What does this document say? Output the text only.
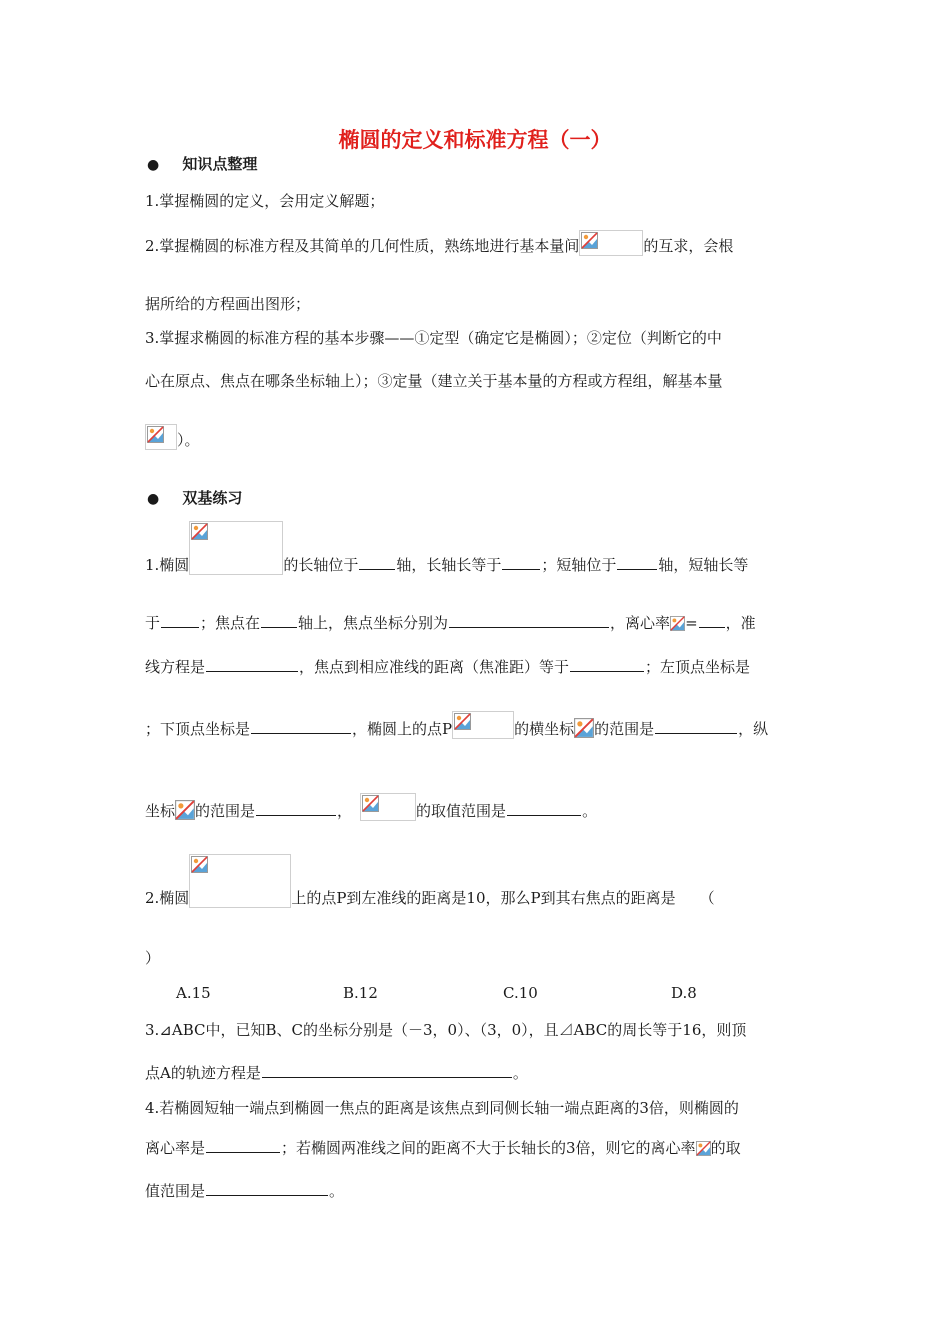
椭圆的定义和标准方程（一）
● 知识点整理
1.掌握椭圆的定义，会用定义解题；
2.掌握椭圆的标准方程及其简单的几何性质，熟练地进行基本量间	的互求，会根
据所给的方程画出图形；
3.掌握求椭圆的标准方程的基本步骤——①定型（确定它是椭圆）；②定位（判断它的中
心在原点、焦点在哪条坐标轴上）；③定量（建立关于基本量的方程或方程组，解基本量
）。
● 双基练习
1.椭圆	的长轴位于	轴，长轴长等于	；短轴位于	轴，短轴长等
于	；焦点在	轴上，焦点坐标分别为	，离心率 = ，准
线方程是	，焦点到相应准线的距离（焦准距）等于	；左顶点坐标是
；下顶点坐标是	，椭圆上的点P	的横坐标 的范围是	，纵
坐标 的范围是	，	的取值范围是	。
2.椭圆	上的点P到左准线的距离是10，那么P到其右焦点的距离是 （
）
A.15	B.12	C.10	D.8
3.⊿ABC中，已知B、C的坐标分别是（－3，0）、（3，0），且⊿ABC的周长等于16，则顶
点A的轨迹方程是	。
4.若椭圆短轴一端点到椭圆一焦点的距离是该焦点到同侧长轴一端点距离的3倍，则椭圆的
离心率是	；若椭圆两准线之间的距离不大于长轴长的3倍，则它的离心率 的取
值范围是	。
